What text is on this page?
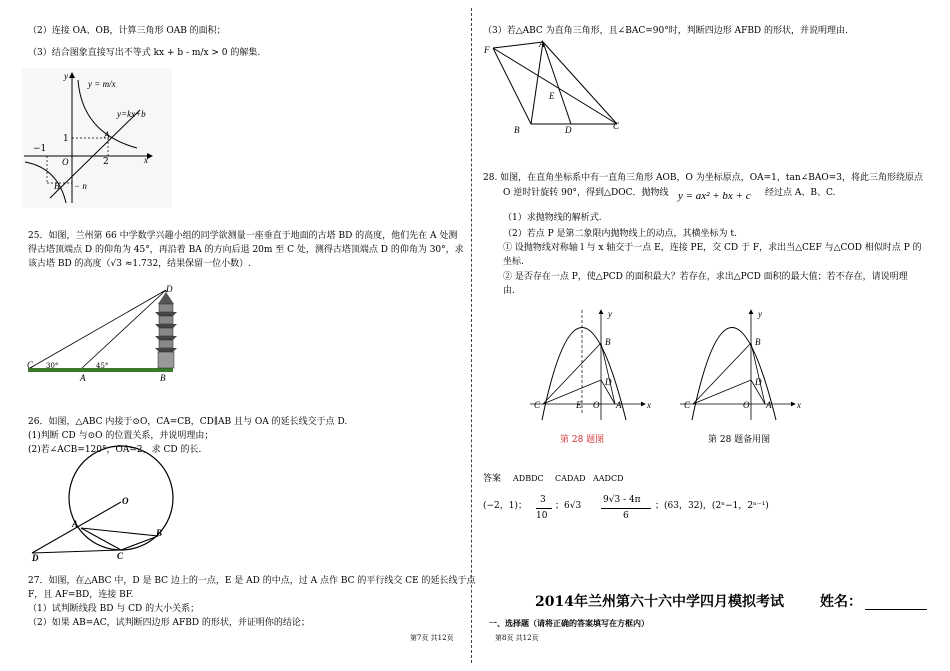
（2）连接 OA、OB，计算三角形 OAB 的面积；
（3）结合图象直接写出不等式 kx + b - m/x > 0 的解集.
y
x
y = m/x
y=kx+b
A
B
1
−1
2
− n
O
25．如图，兰州第 66 中学数学兴趣小组的同学欲测量一座垂直于地面的古塔 BD 的高度，他们先在 A 处测
得古塔顶端点 D 的仰角为 45°，再沿着 BA 的方向后退 20m 至 C 处，测得古塔顶端点 D 的仰角为 30°，求
该古塔 BD 的高度（√3 ≈1.732，结果保留一位小数）.
D
C
A	B
30°	45°
26．如图，△ABC 内接于⊙O，CA=CB，CD∥AB 且与 OA 的延长线交于点 D.
(1)判断 CD 与⊙O 的位置关系，并说明理由；
(2)若∠ACB=120°，OA=2，求 CD 的长.
O
A
B
C
D
27．如图，在△ABC 中，D 是 BC 边上的一点，E 是 AD 的中点，过 A 点作 BC 的平行线交 CE 的延长线于点
F，且 AF=BD，连接 BF.
（1）试判断线段 BD 与 CD 的大小关系；
（2）如果 AB=AC，试判断四边形 AFBD 的形状，并证明你的结论；
第7页 共12页
（3）若△ABC 为直角三角形，且∠BAC=90°时，判断四边形 AFBD 的形状，并说明理由.
F
A
E
B	D	C
28. 如图，在直角坐标系中有一直角三角形 AOB，O 为坐标原点，OA=1，tan∠BAO=3，将此三角形绕原点
O 逆时针旋转 90°，得到△DOC．抛物线 y = ax² + bx + c 经过点 A、B、C.
（1）求抛物线的解析式.
（2）若点 P 是第二象限内抛物线上的动点，其横坐标为 t.
① 设抛物线对称轴 l 与 x 轴交于一点 E，连接 PE，交 CD 于 F，求出当△CEF 与△COD 相似时点 P 的
坐标.
② 是否存在一点 P，使△PCD 的面积最大？若存在，求出△PCD 面积的最大值；若不存在，请说明理
由.
y
x
B
D
C	E O A
第 28 题图
y
x
B
D
C	O A
第 28 题备用图
答案 ADBDC CADAD AADCD
(−2，1)；
3
10
；6√3
9√3 - 4π
6
；(63，32)，(2ⁿ−1，2ⁿ⁻¹)
2014年兰州第六十六中学四月模拟考试	姓名：
一、选择题（请将正确的答案填写在方框内）
第8页 共12页
